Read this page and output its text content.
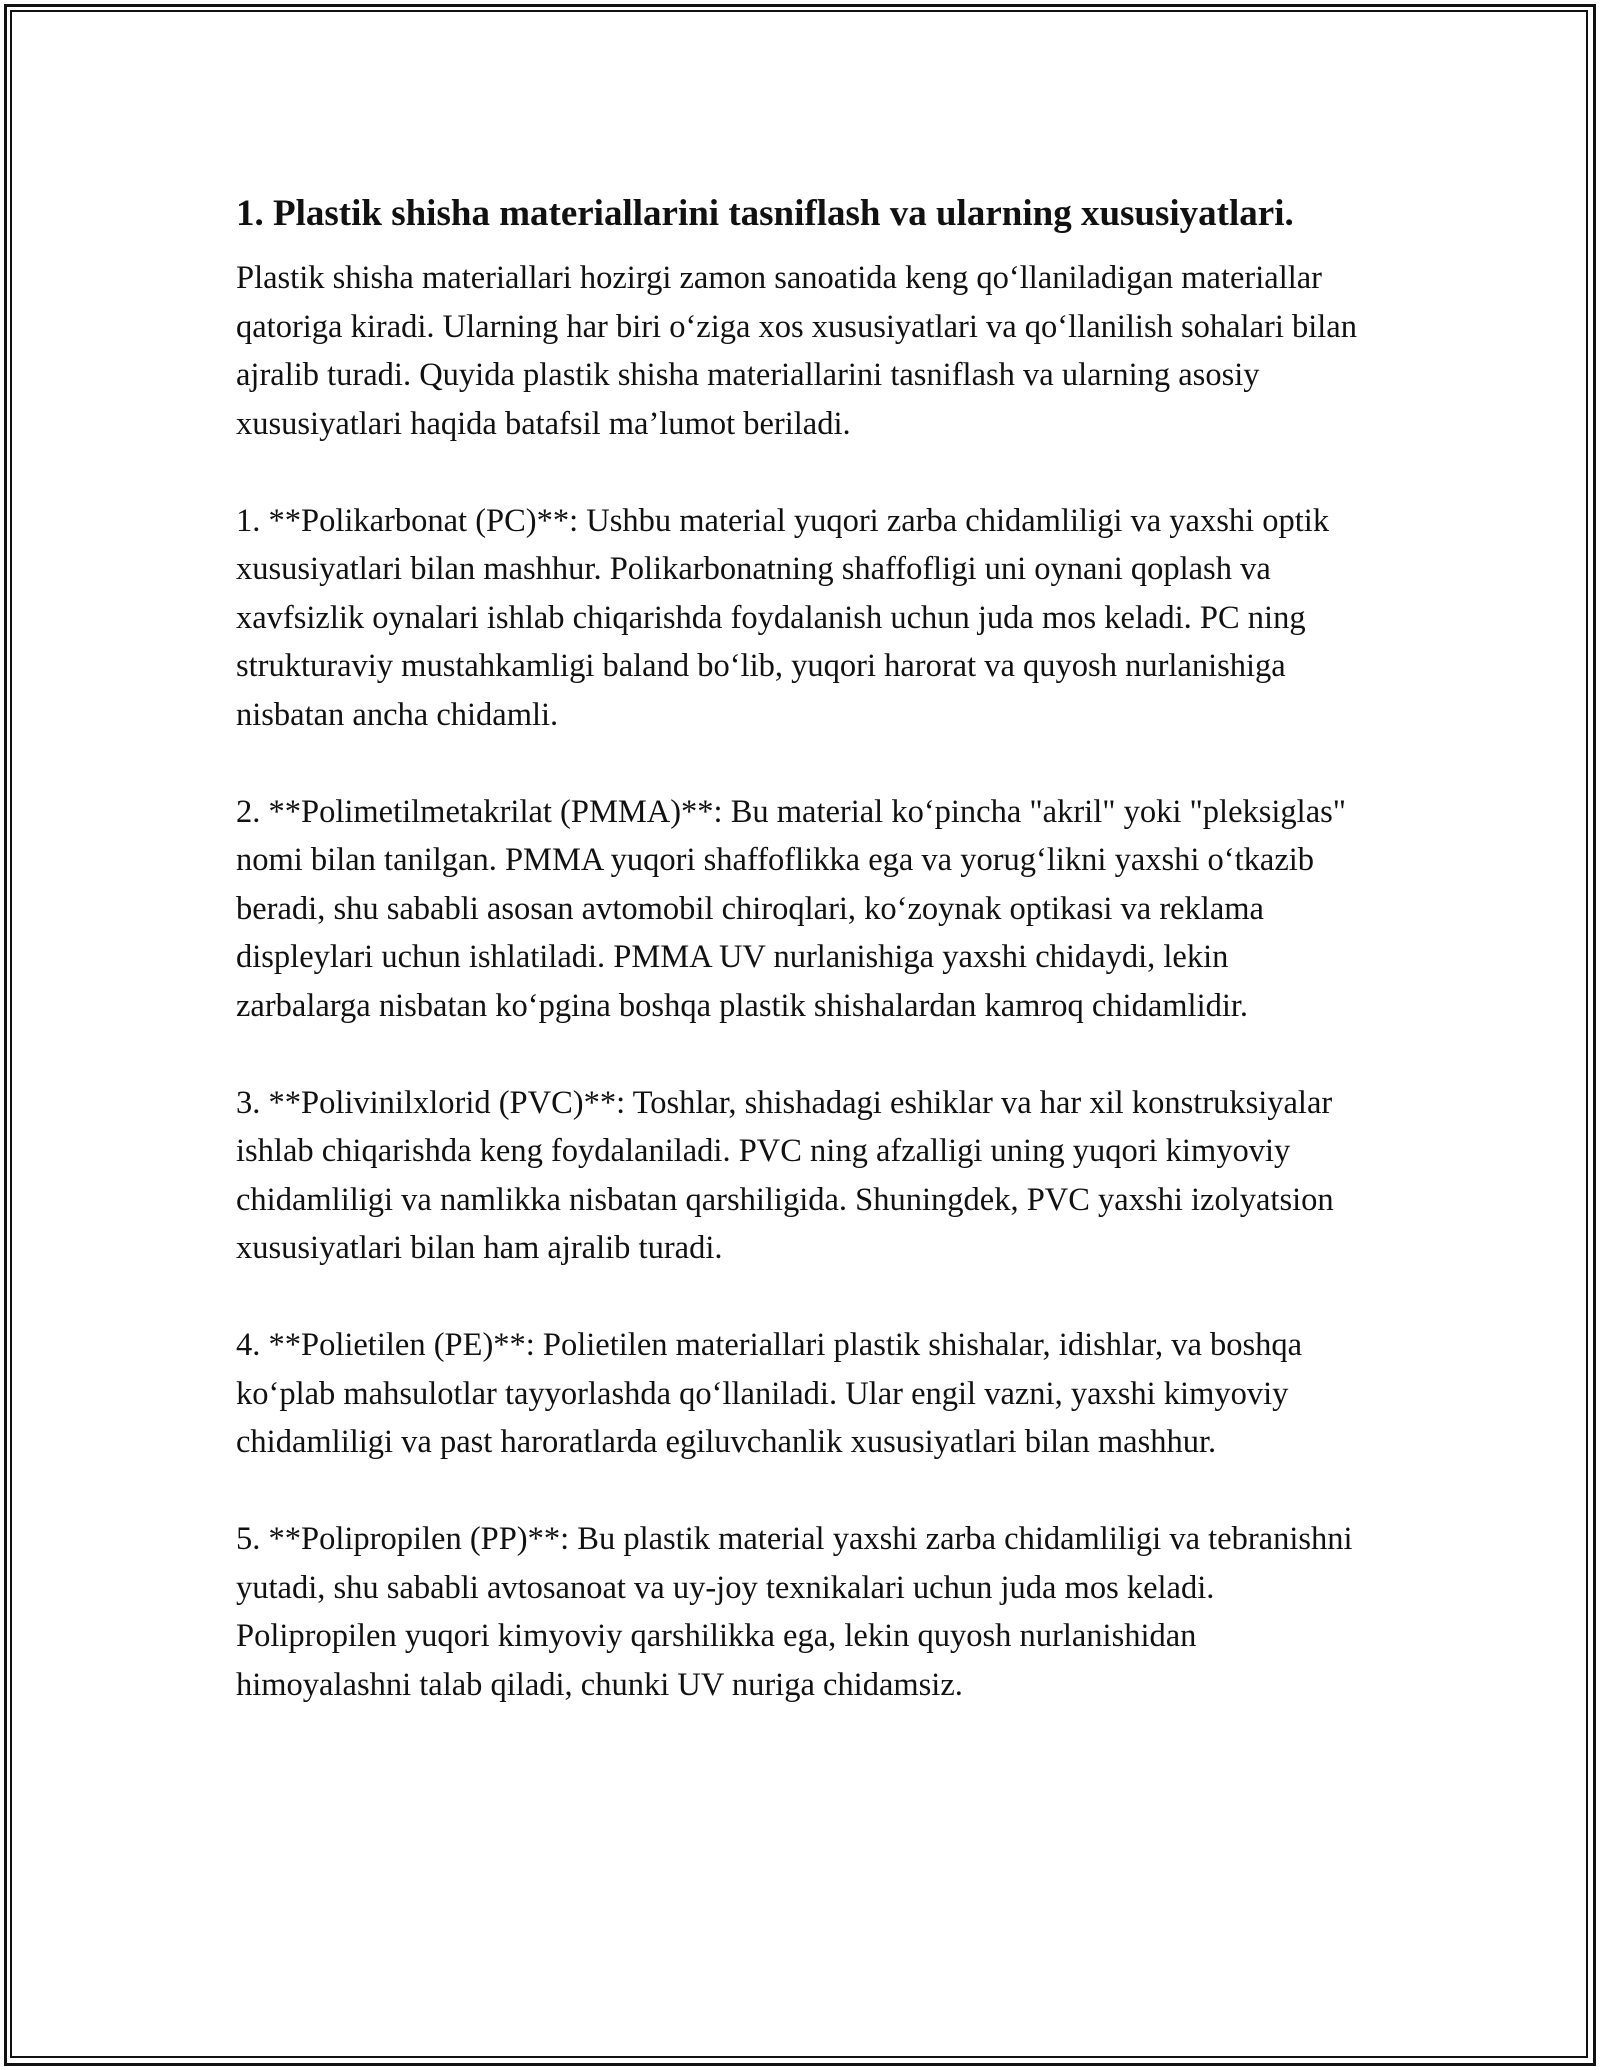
1. Plastik shisha materiallarini tasniflash va ularning xususiyatlari.

Plastik shisha materiallari hozirgi zamon sanoatida keng qo‘llaniladigan materiallar qatoriga kiradi. Ularning har biri o‘ziga xos xususiyatlari va qo‘llanilish sohalari bilan ajralib turadi. Quyida plastik shisha materiallarini tasniflash va ularning asosiy xususiyatlari haqida batafsil ma’lumot beriladi.

1. **Polikarbonat (PC)**: Ushbu material yuqori zarba chidamliligi va yaxshi optik xususiyatlari bilan mashhur. Polikarbonatning shaffofligi uni oynani qoplash va xavfsizlik oynalari ishlab chiqarishda foydalanish uchun juda mos keladi. PC ning strukturaviy mustahkamligi baland bo‘lib, yuqori harorat va quyosh nurlanishiga nisbatan ancha chidamli.

2. **Polimetilmetakrilat (PMMA)**: Bu material ko‘pincha "akril" yoki "pleksiglas" nomi bilan tanilgan. PMMA yuqori shaffoflikka ega va yorug‘likni yaxshi o‘tkazib beradi, shu sababli asosan avtomobil chiroqlari, ko‘zoynak optikasi va reklama displeylari uchun ishlatiladi. PMMA UV nurlanishiga yaxshi chidaydi, lekin zarbalarga nisbatan ko‘pgina boshqa plastik shishalardan kamroq chidamlidir.

3. **Polivinilxlorid (PVC)**: Toshlar, shishadagi eshiklar va har xil konstruksiyalar ishlab chiqarishda keng foydalaniladi. PVC ning afzalligi uning yuqori kimyoviy chidamliligi va namlikka nisbatan qarshiligida. Shuningdek, PVC yaxshi izolyatsion xususiyatlari bilan ham ajralib turadi.

4. **Polietilen (PE)**: Polietilen materiallari plastik shishalar, idishlar, va boshqa ko‘plab mahsulotlar tayyorlashda qo‘llaniladi. Ular engil vazni, yaxshi kimyoviy chidamliligi va past haroratlarda egiluvchanlik xususiyatlari bilan mashhur.

5. **Polipropilen (PP)**: Bu plastik material yaxshi zarba chidamliligi va tebranishni yutadi, shu sababli avtosanoat va uy-joy texnikalari uchun juda mos keladi. Polipropilen yuqori kimyoviy qarshilikka ega, lekin quyosh nurlanishidan himoyalashni talab qiladi, chunki UV nuriga chidamsiz.
